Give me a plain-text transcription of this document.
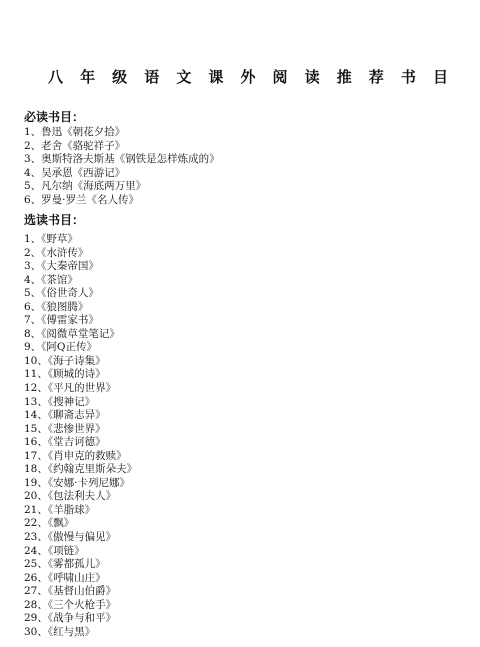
八 年 级 语 文 课 外 阅 读 推 荐 书 目
必读书目：
1、鲁迅《朝花夕拾》
2、老舍《骆驼祥子》
3、奥斯特洛夫斯基《钢铁是怎样炼成的》
4、吴承恩《西游记》
5、凡尔纳《海底两万里》
6、罗曼·罗兰《名人传》
选读书目：
1、《野草》
2、《水浒传》
3、《大秦帝国》
4、《茶馆》
5、《俗世奇人》
6、《狼图腾》
7、《傅雷家书》
8、《阅微草堂笔记》
9、《阿Q正传》
10、《海子诗集》
11、《顾城的诗》
12、《平凡的世界》
13、《搜神记》
14、《聊斋志异》
15、《悲惨世界》
16、《堂吉诃德》
17、《肖申克的救赎》
18、《约翰克里斯朵夫》
19、《安娜·卡列尼娜》
20、《包法利夫人》
21、《羊脂球》
22、《飘》
23、《傲慢与偏见》
24、《项链》
25、《雾都孤儿》
26、《呼啸山庄》
27、《基督山伯爵》
28、《三个火枪手》
29、《战争与和平》
30、《红与黑》
